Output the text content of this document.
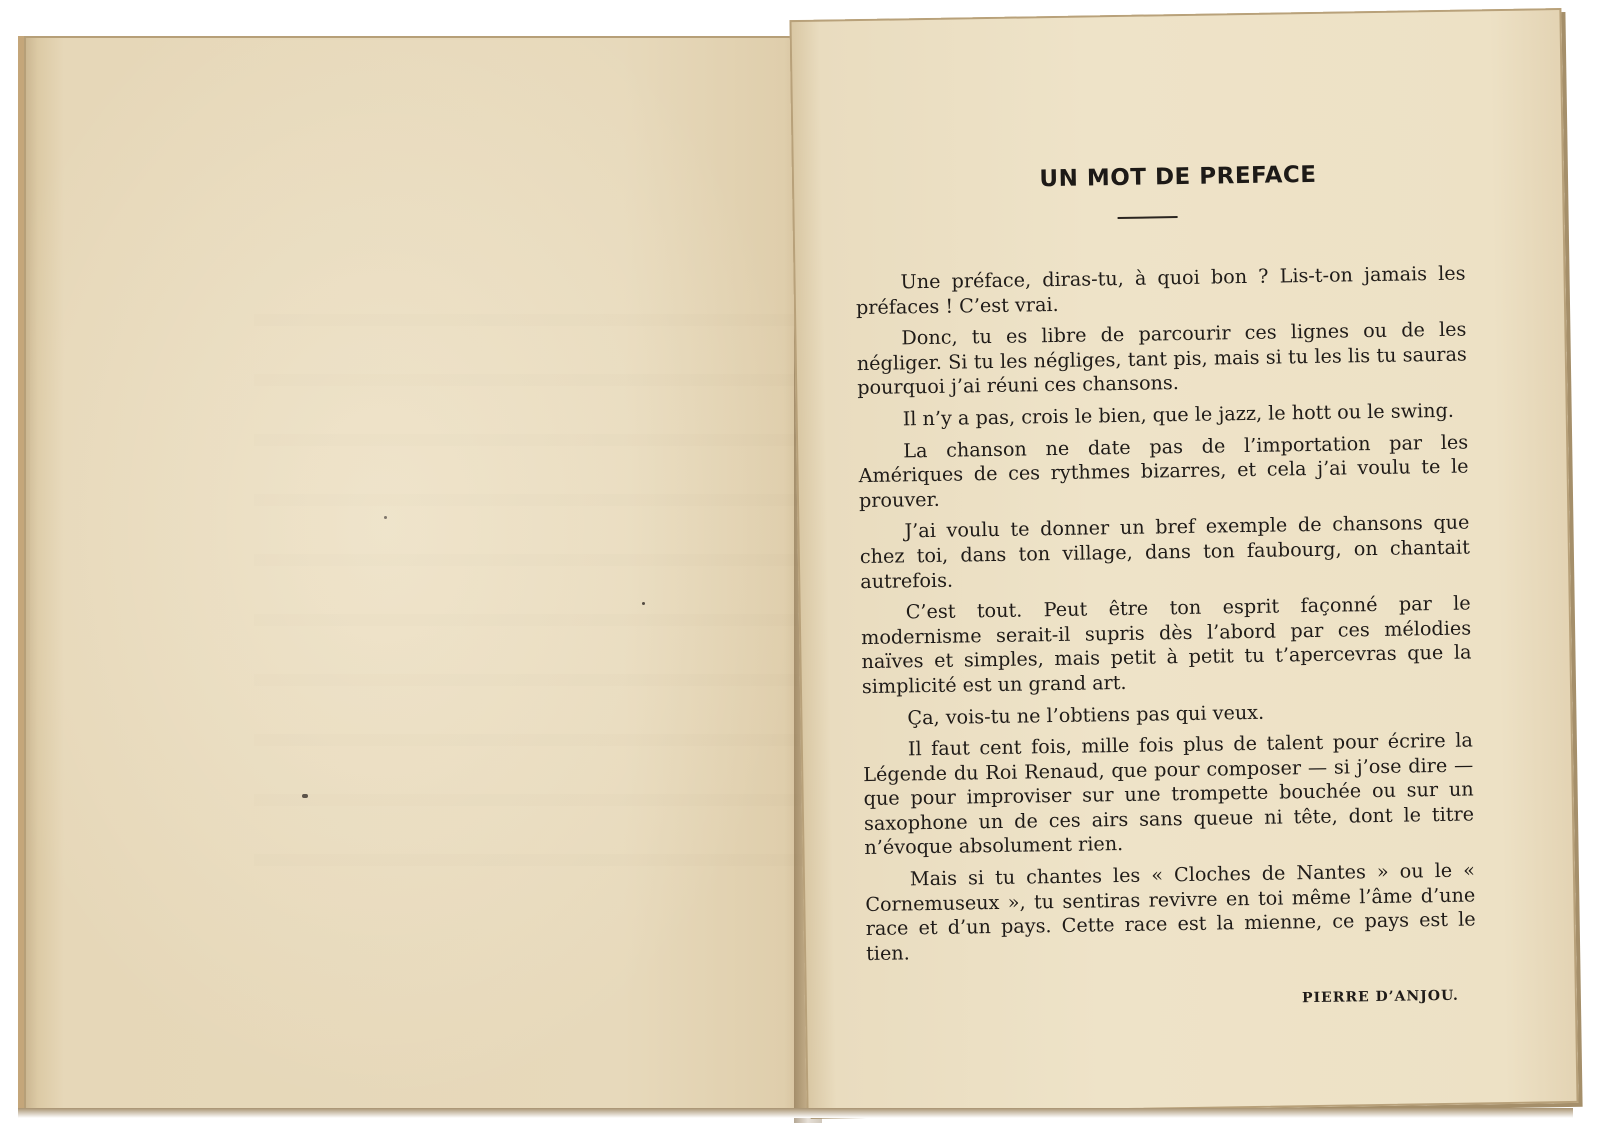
UN MOT DE PREFACE

Une préface, diras-tu, à quoi bon ? Lis-t-on jamais les préfaces ! C’est vrai.

Donc, tu es libre de parcourir ces lignes ou de les négliger. Si tu les négliges, tant pis, mais si tu les lis tu sauras pourquoi j’ai réuni ces chansons.

Il n’y a pas, crois le bien, que le jazz, le hott ou le swing.

La chanson ne date pas de l’importation par les Amériques de ces rythmes bizarres, et cela j’ai voulu te le prouver.

J’ai voulu te donner un bref exemple de chansons que chez toi, dans ton village, dans ton faubourg, on chantait autrefois.

C’est tout. Peut être ton esprit façonné par le modernisme serait-il supris dès l’abord par ces mélodies naïves et simples, mais petit à petit tu t’apercevras que la simplicité est un grand art.

Ça, vois-tu ne l’obtiens pas qui veux.

Il faut cent fois, mille fois plus de talent pour écrire la Légende du Roi Renaud, que pour composer — si j’ose dire — que pour improviser sur une trompette bouchée ou sur un saxophone un de ces airs sans queue ni tête, dont le titre n’évoque absolument rien.

Mais si tu chantes les « Cloches de Nantes » ou le « Cornemuseux », tu sentiras revivre en toi même l’âme d’une race et d’un pays. Cette race est la mienne, ce pays est le tien.

PIERRE D’ANJOU.
